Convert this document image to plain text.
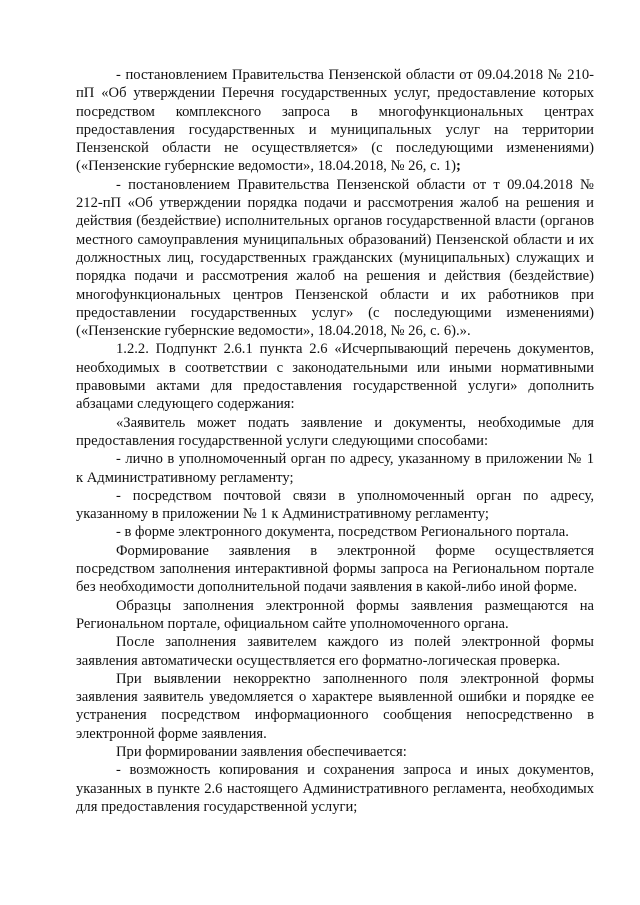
- постановлением Правительства Пензенской области от 09.04.2018 № 210-пП «Об утверждении Перечня государственных услуг, предоставление которых посредством комплексного запроса в многофункциональных центрах предоставления государственных и муниципальных услуг на территории Пензенской области не осуществляется» (с последующими изменениями) («Пензенские губернские ведомости», 18.04.2018, № 26, с. 1);

- постановлением Правительства Пензенской области от т 09.04.2018 № 212-пП «Об утверждении порядка подачи и рассмотрения жалоб на решения и действия (бездействие) исполнительных органов государственной власти (органов местного самоуправления муниципальных образований) Пензенской области и их должностных лиц, государственных гражданских (муниципальных) служащих и порядка подачи и рассмотрения жалоб на решения и действия (бездействие) многофункциональных центров Пензенской области и их работников при предоставлении государственных услуг» (с последующими изменениями) («Пензенские губернские ведомости», 18.04.2018, № 26, с. 6).».

1.2.2. Подпункт 2.6.1 пункта 2.6 «Исчерпывающий перечень документов, необходимых в соответствии с законодательными или иными нормативными правовыми актами для предоставления государственной услуги» дополнить абзацами следующего содержания:

«Заявитель может подать заявление и документы, необходимые для предоставления государственной услуги следующими способами:

- лично в уполномоченный орган по адресу, указанному в приложении № 1 к Административному регламенту;

- посредством почтовой связи в уполномоченный орган по адресу, указанному в приложении № 1 к Административному регламенту;

- в форме электронного документа, посредством Регионального портала.

Формирование заявления в электронной форме осуществляется посредством заполнения интерактивной формы запроса на Региональном портале без необходимости дополнительной подачи заявления в какой-либо иной форме.

Образцы заполнения электронной формы заявления размещаются на Региональном портале, официальном сайте уполномоченного органа.

После заполнения заявителем каждого из полей электронной формы заявления автоматически осуществляется его форматно-логическая проверка.

При выявлении некорректно заполненного поля электронной формы заявления заявитель уведомляется о характере выявленной ошибки и порядке ее устранения посредством информационного сообщения непосредственно в электронной форме заявления.

При формировании заявления обеспечивается:

- возможность копирования и сохранения запроса и иных документов, указанных в пункте 2.6 настоящего Административного регламента, необходимых для предоставления государственной услуги;
